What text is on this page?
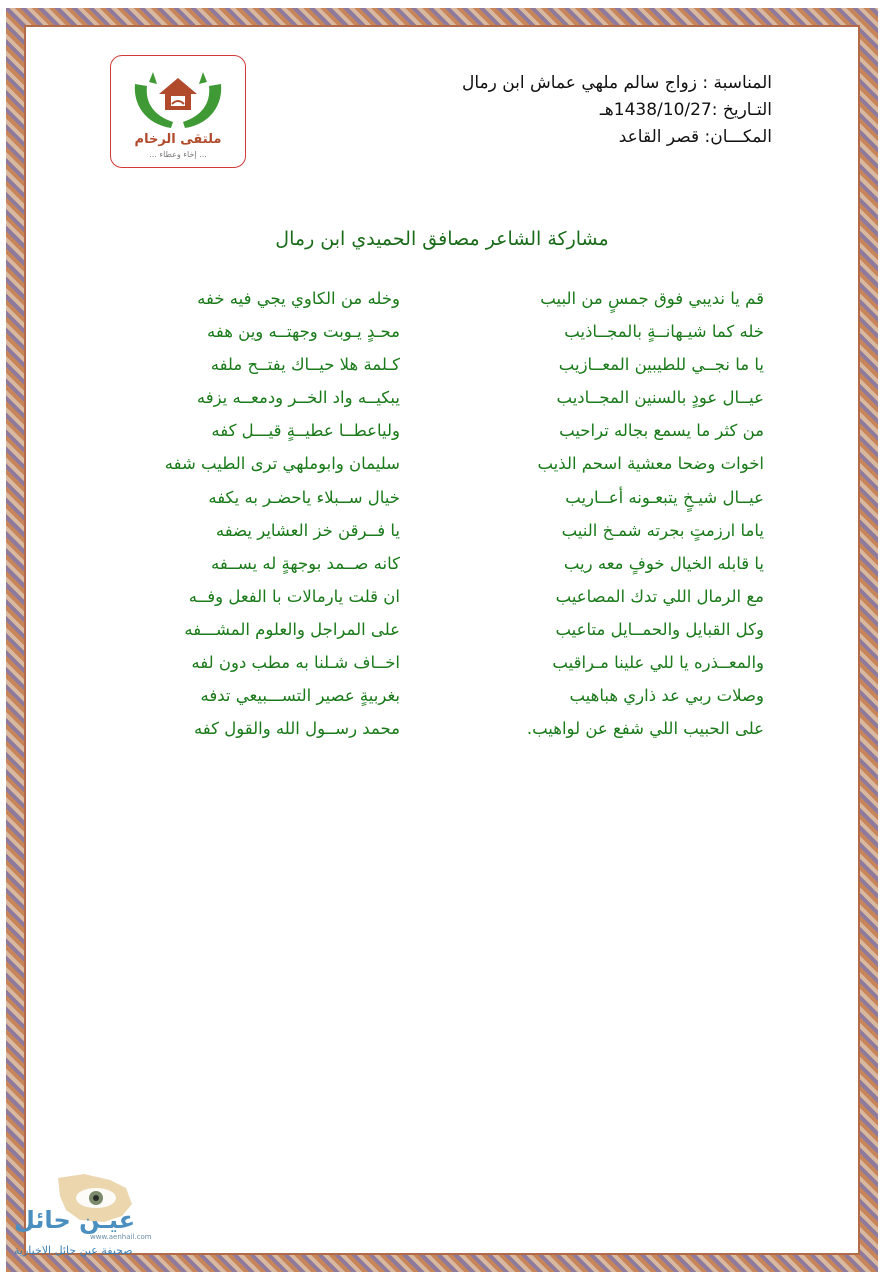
ملتقى الرخام
... إخاء وعطاء ...
المناسبة : زواج سالم ملهي عماش ابن رمال
التـاريخ :1438/10/27هـ
المكـــان: قصر القاعد
مشاركة الشاعر مصافق الحميدي ابن رمال
قم يا نديبي فوق جمسٍ من البيب
وخله من الكاوي يجي فيه خفه
خله كما شيـهانــةٍ بالمجــاذيب
محـدٍ يـوبت وجهتــه وين هفه
يا ما نجــي للطيبين المعــازيب
كـلمة هلا حيــاك يفتــح ملفه
عيــال عودٍ بالسنين المجــاديب
يبكيــه واد الخــر ودمعــه يزفه
من كثر ما يسمع بجاله تراحيب
ولياعطــا عطيــةٍ قيـــل كفه
اخوات وضحا معشية اسحم الذيب
سليمان وابوملهي ترى الطيب شفه
عيــال شيـخٍ يتبعـونه أعــاريب
خيال ســبلاء ياحضـر به يكفه
ياما ارزمتٍ بجرته شمـخ النيب
يا فــرقن خز العشاير يضفه
يا قابله الخيال خوفٍ معه ريب
كانه صــمد بوجهةٍ له يســفه
مع الرمال اللي تدك المصاعيب
ان قلت يارمالات با الفعل وفــه
وكل القبايل والحمــايل متاعيب
على المراجل والعلوم المشـــفه
والمعــذره يا للي علينا مـراقيب
اخــاف شـلنا به مطب دون لفه
وصلات ربي عد ذاري هباهيب
بغربيةٍ عصير التســـبيعي تدفه
على الحبيب اللي شفع عن لواهيب.
محمد رســول الله والقول كفه
عيـن حائل
www.aenhail.com
صحيفة عين حائل الاخبارية
